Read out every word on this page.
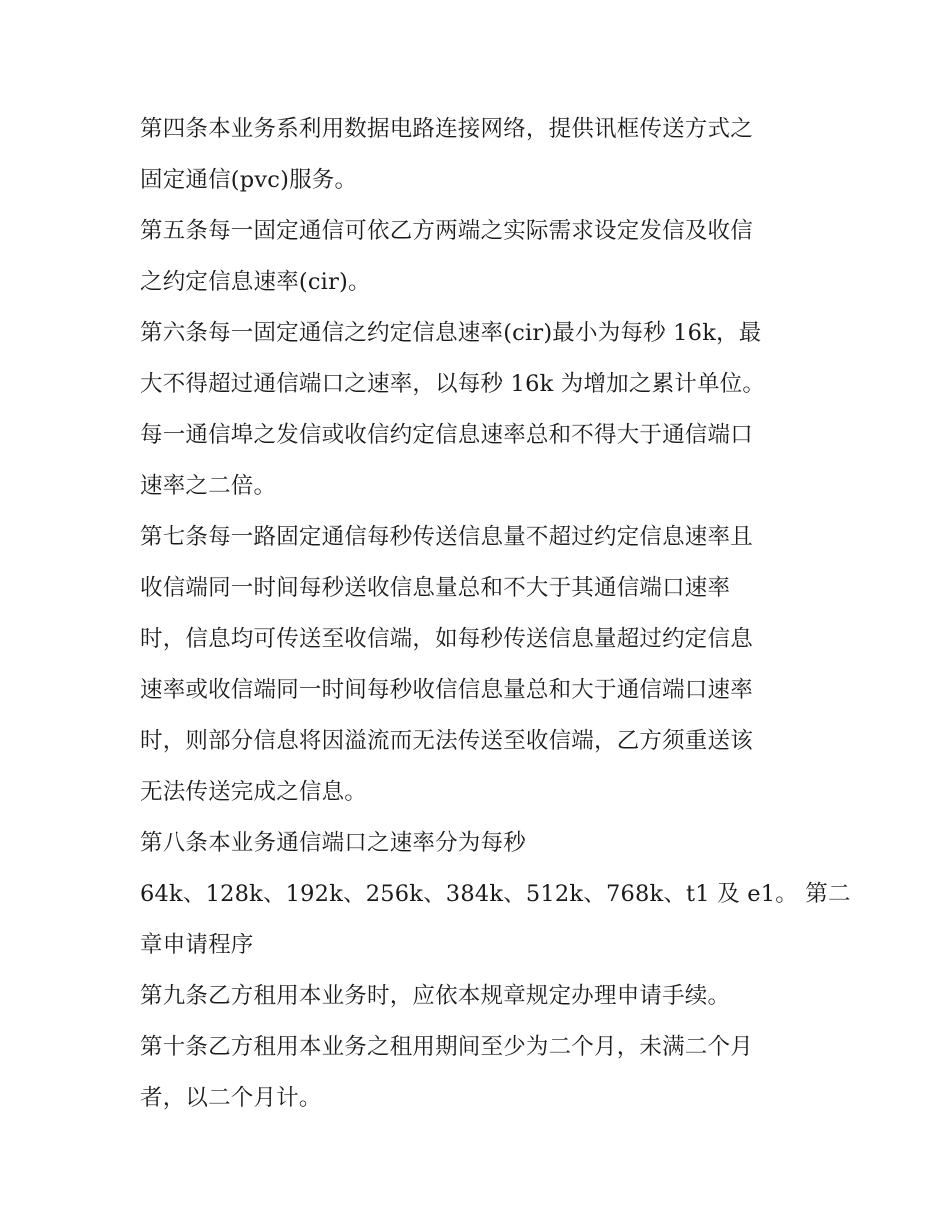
第四条本业务系利用数据电路连接网络，提供讯框传送方式之
固定通信(pvc)服务。
第五条每一固定通信可依乙方两端之实际需求设定发信及收信
之约定信息速率(cir)。
第六条每一固定通信之约定信息速率(cir)最小为每秒 16k，最
大不得超过通信端口之速率，以每秒 16k 为增加之累计单位。
每一通信埠之发信或收信约定信息速率总和不得大于通信端口
速率之二倍。
第七条每一路固定通信每秒传送信息量不超过约定信息速率且
收信端同一时间每秒送收信息量总和不大于其通信端口速率
时，信息均可传送至收信端，如每秒传送信息量超过约定信息
速率或收信端同一时间每秒收信信息量总和大于通信端口速率
时，则部分信息将因溢流而无法传送至收信端，乙方须重送该
无法传送完成之信息。
第八条本业务通信端口之速率分为每秒
64k、128k、192k、256k、384k、512k、768k、t1 及 e1。 第二
章申请程序
第九条乙方租用本业务时，应依本规章规定办理申请手续。
第十条乙方租用本业务之租用期间至少为二个月，未满二个月
者，以二个月计。
